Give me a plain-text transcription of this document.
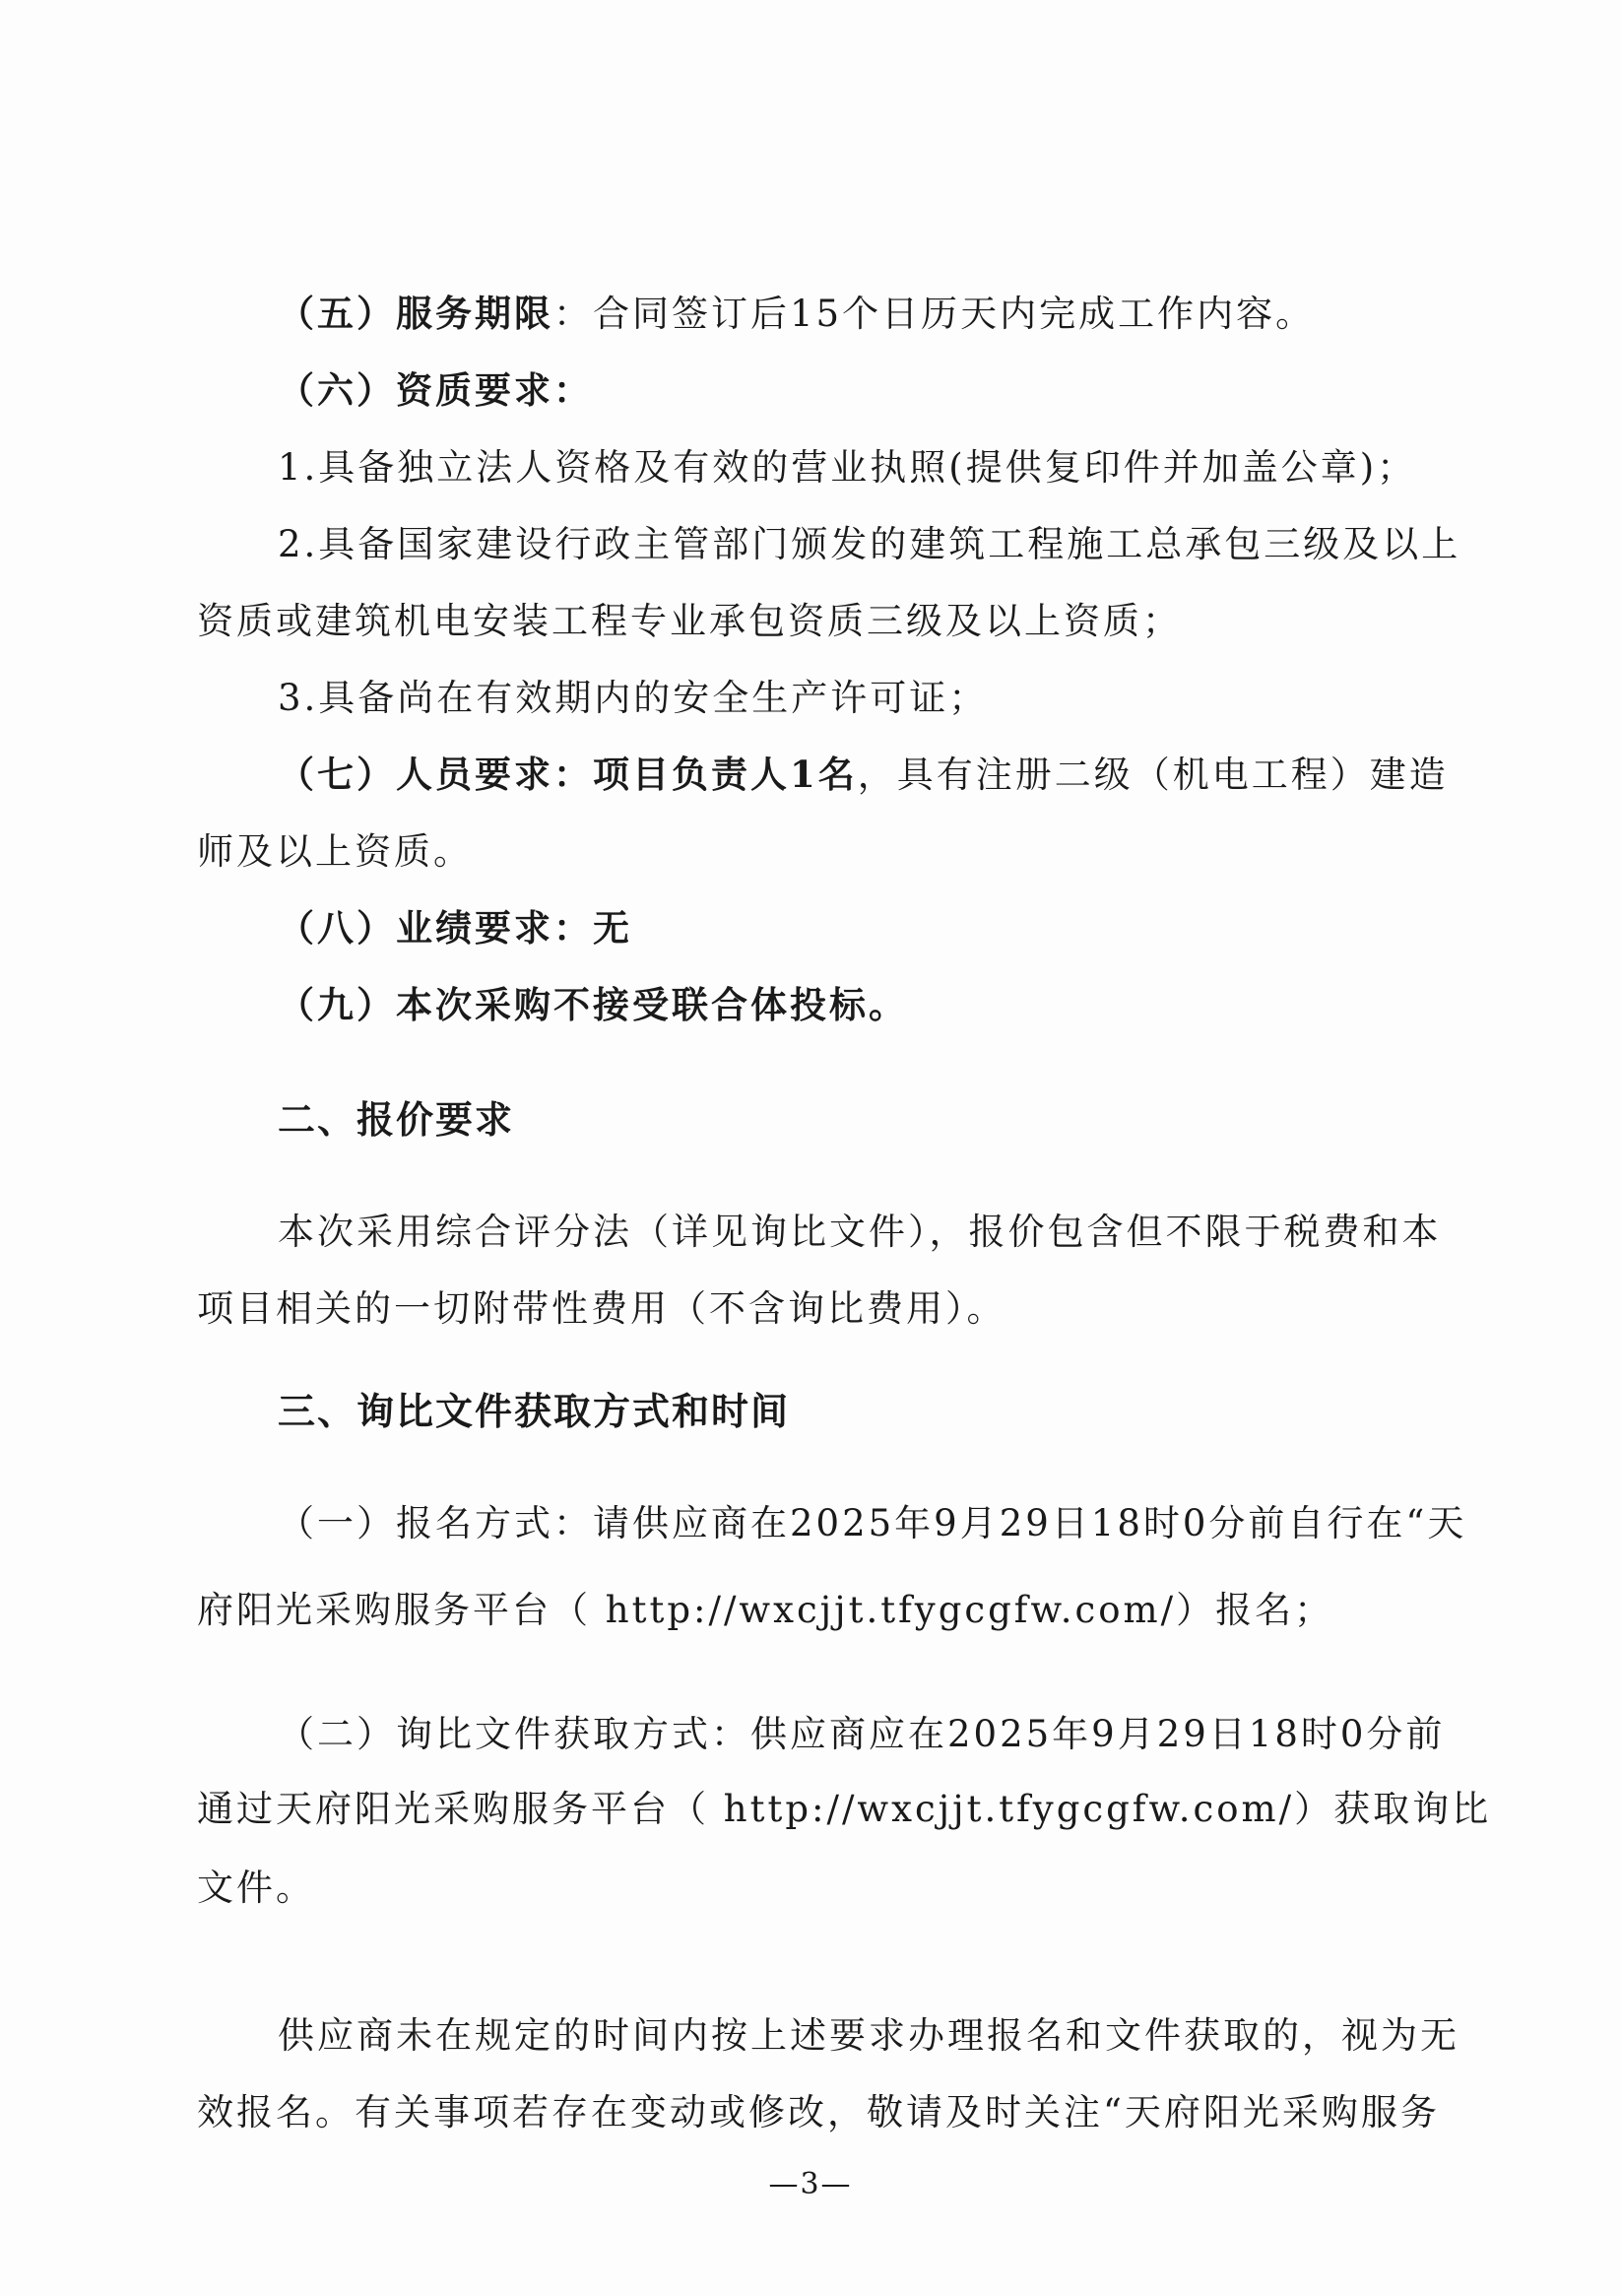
（五）服务期限：合同签订后15个日历天内完成工作内容。
（六）资质要求：
1.具备独立法人资格及有效的营业执照(提供复印件并加盖公章)；
2.具备国家建设行政主管部门颁发的建筑工程施工总承包三级及以上
资质或建筑机电安装工程专业承包资质三级及以上资质；
3.具备尚在有效期内的安全生产许可证；
（七）人员要求：项目负责人1名，具有注册二级（机电工程）建造
师及以上资质。
（八）业绩要求：无
（九）本次采购不接受联合体投标。
二、报价要求
本次采用综合评分法（详见询比文件），报价包含但不限于税费和本
项目相关的一切附带性费用（不含询比费用）。
三、询比文件获取方式和时间
（一）报名方式：请供应商在2025年9月29日18时0分前自行在“天
府阳光采购服务平台（ http://wxcjjt.tfygcgfw.com/）报名；
（二）询比文件获取方式：供应商应在2025年9月29日18时0分前
通过天府阳光采购服务平台（ http://wxcjjt.tfygcgfw.com/）获取询比
文件。
供应商未在规定的时间内按上述要求办理报名和文件获取的，视为无
效报名。有关事项若存在变动或修改，敬请及时关注“天府阳光采购服务
—3—
